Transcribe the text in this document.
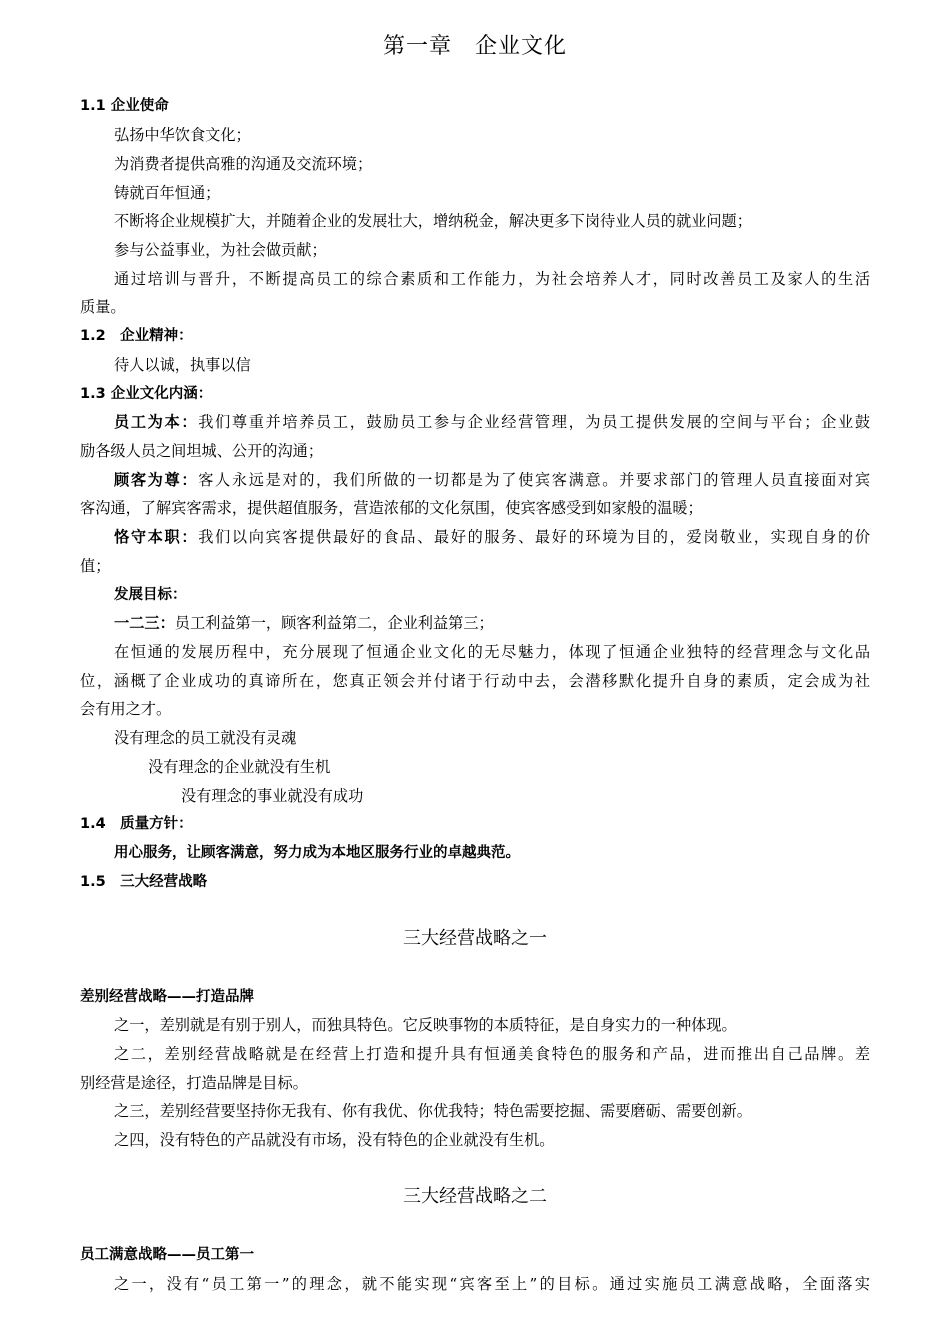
第一章　企业文化
1.1 企业使命
弘扬中华饮食文化；
为消费者提供高雅的沟通及交流环境；
铸就百年恒通；
不断将企业规模扩大，并随着企业的发展壮大，增纳税金，解决更多下岗待业人员的就业问题；
参与公益事业，为社会做贡献；
通过培训与晋升，不断提高员工的综合素质和工作能力，为社会培养人才，同时改善员工及家人的生活
质量。
1.2　企业精神：
待人以诚，执事以信
1.3 企业文化内涵：
员工为本：我们尊重并培养员工，鼓励员工参与企业经营管理，为员工提供发展的空间与平台；企业鼓
励各级人员之间坦城、公开的沟通；
顾客为尊：客人永远是对的，我们所做的一切都是为了使宾客满意。并要求部门的管理人员直接面对宾
客沟通，了解宾客需求，提供超值服务，营造浓郁的文化氛围，使宾客感受到如家般的温暖；
恪守本职：我们以向宾客提供最好的食品、最好的服务、最好的环境为目的，爱岗敬业，实现自身的价
值；
发展目标：
一二三：员工利益第一，顾客利益第二，企业利益第三；
在恒通的发展历程中，充分展现了恒通企业文化的无尽魅力，体现了恒通企业独特的经营理念与文化品
位，涵概了企业成功的真谛所在，您真正领会并付诸于行动中去，会潜移默化提升自身的素质，定会成为社
会有用之才。
没有理念的员工就没有灵魂
没有理念的企业就没有生机
没有理念的事业就没有成功
1.4　质量方针：
用心服务，让顾客满意，努力成为本地区服务行业的卓越典范。
1.5　三大经营战略
三大经营战略之一
差别经营战略——打造品牌
之一，差别就是有别于别人，而独具特色。它反映事物的本质特征，是自身实力的一种体现。
之二，差别经营战略就是在经营上打造和提升具有恒通美食特色的服务和产品，进而推出自己品牌。差
别经营是途径，打造品牌是目标。
之三，差别经营要坚持你无我有、你有我优、你优我特；特色需要挖掘、需要磨砺、需要创新。
之四，没有特色的产品就没有市场，没有特色的企业就没有生机。
三大经营战略之二
员工满意战略——员工第一
之一，没有“员工第一”的理念，就不能实现“宾客至上”的目标。通过实施员工满意战略，全面落实
